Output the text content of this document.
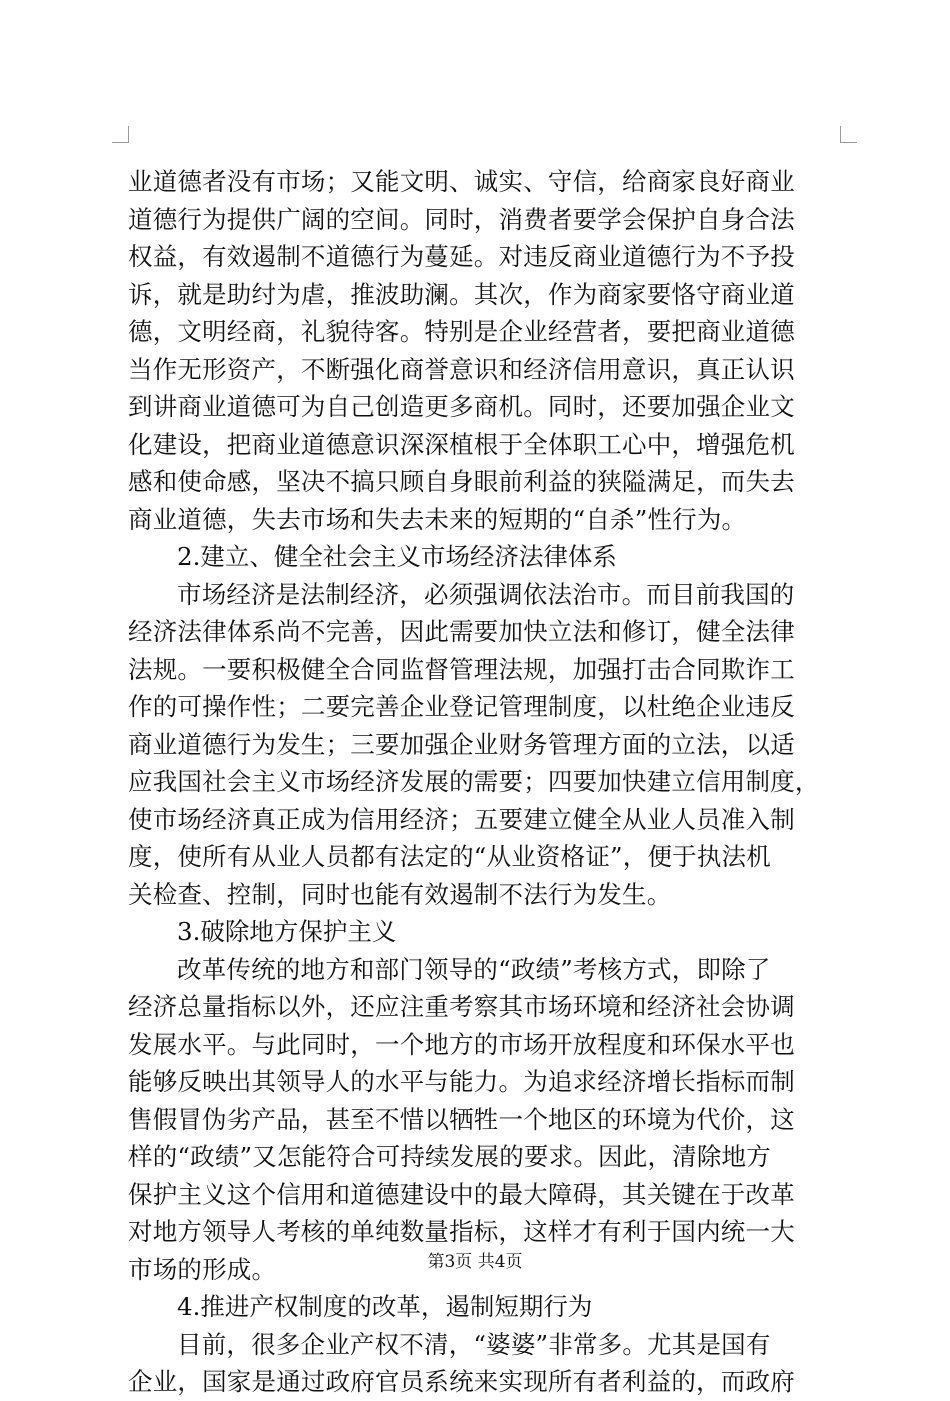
业道德者没有市场；又能文明、诚实、守信，给商家良好商业
道德行为提供广阔的空间。同时，消费者要学会保护自身合法
权益，有效遏制不道德行为蔓延。对违反商业道德行为不予投
诉，就是助纣为虐，推波助澜。其次，作为商家要恪守商业道
德，文明经商，礼貌待客。特别是企业经营者，要把商业道德
当作无形资产，不断强化商誉意识和经济信用意识，真正认识
到讲商业道德可为自己创造更多商机。同时，还要加强企业文
化建设，把商业道德意识深深植根于全体职工心中，增强危机
感和使命感，坚决不搞只顾自身眼前利益的狭隘满足，而失去
商业道德，失去市场和失去未来的短期的“自杀”性行为。
2.建立、健全社会主义市场经济法律体系
市场经济是法制经济，必须强调依法治市。而目前我国的
经济法律体系尚不完善，因此需要加快立法和修订，健全法律
法规。一要积极健全合同监督管理法规，加强打击合同欺诈工
作的可操作性；二要完善企业登记管理制度，以杜绝企业违反
商业道德行为发生；三要加强企业财务管理方面的立法，以适
应我国社会主义市场经济发展的需要；四要加快建立信用制度，
使市场经济真正成为信用经济；五要建立健全从业人员准入制
度，使所有从业人员都有法定的“从业资格证”，便于执法机
关检查、控制，同时也能有效遏制不法行为发生。
3.破除地方保护主义
改革传统的地方和部门领导的“政绩”考核方式，即除了
经济总量指标以外，还应注重考察其市场环境和经济社会协调
发展水平。与此同时，一个地方的市场开放程度和环保水平也
能够反映出其领导人的水平与能力。为追求经济增长指标而制
售假冒伪劣产品，甚至不惜以牺牲一个地区的环境为代价，这
样的“政绩”又怎能符合可持续发展的要求。因此，清除地方
保护主义这个信用和道德建设中的最大障碍，其关键在于改革
对地方领导人考核的单纯数量指标，这样才有利于国内统一大
市场的形成。
4.推进产权制度的改革，遏制短期行为
目前，很多企业产权不清，“婆婆”非常多。尤其是国有
企业，国家是通过政府官员系统来实现所有者利益的，而政府
第3页 共4页
